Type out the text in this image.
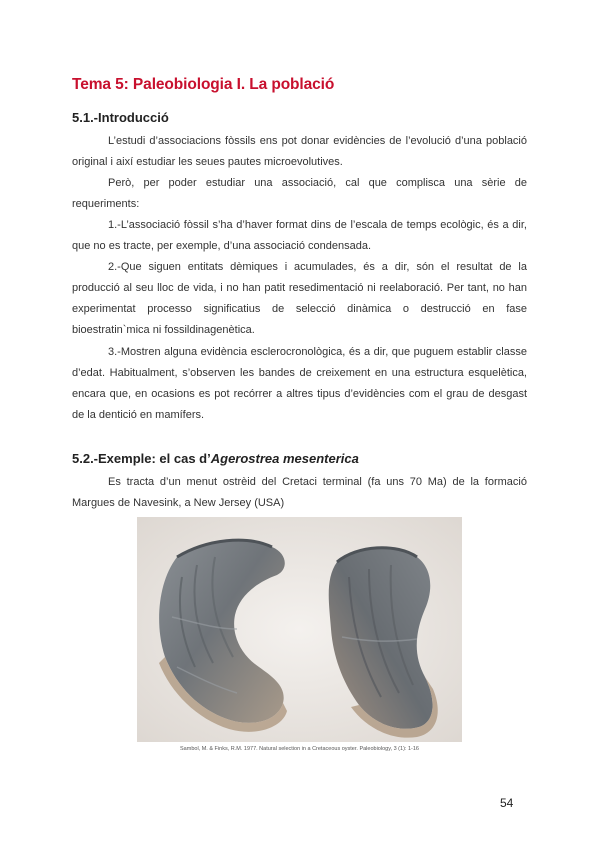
Tema 5: Paleobiologia I. La població
5.1.-Introducció

L’estudi d’associacions fòssils ens pot donar evidències de l’evolució d’una població original i així estudiar les seues pautes microevolutives.

Però, per poder estudiar una associació, cal que complisca una sèrie de requeriments:

1.-L’associació fòssil s’ha d’haver format dins de l’escala de temps ecològic, és a dir, que no es tracte, per exemple, d’una associació condensada.

2.-Que siguen entitats dèmiques i acumulades, és a dir, són el resultat de la producció al seu lloc de vida, i no han patit resedimentació ni reelaboració. Per tant, no han experimentat processo significatius de selecció dinàmica o destrucció en fase bioestratin`mica ni fossildinagenètica.

3.-Mostren alguna evidència esclerocronològica, és a dir, que puguem establir classe d’edat. Habitualment, s’observen les bandes de creixement en una estructura esquelètica, encara que, en ocasions es pot recórrer a altres tipus d’evidències com el grau de desgast de la dentició en mamífers.

5.2.-Exemple: el cas d’Agerostrea mesenterica

Es tracta d’un menut ostrèid del Cretaci terminal (fa uns 70 Ma) de la formació Margues de Navesink, a New Jersey (USA)

Sambol, M. & Finks, R.M. 1977. Natural selection in a Cretaceous oyster. Paleobiology, 3 (1): 1-16
54
